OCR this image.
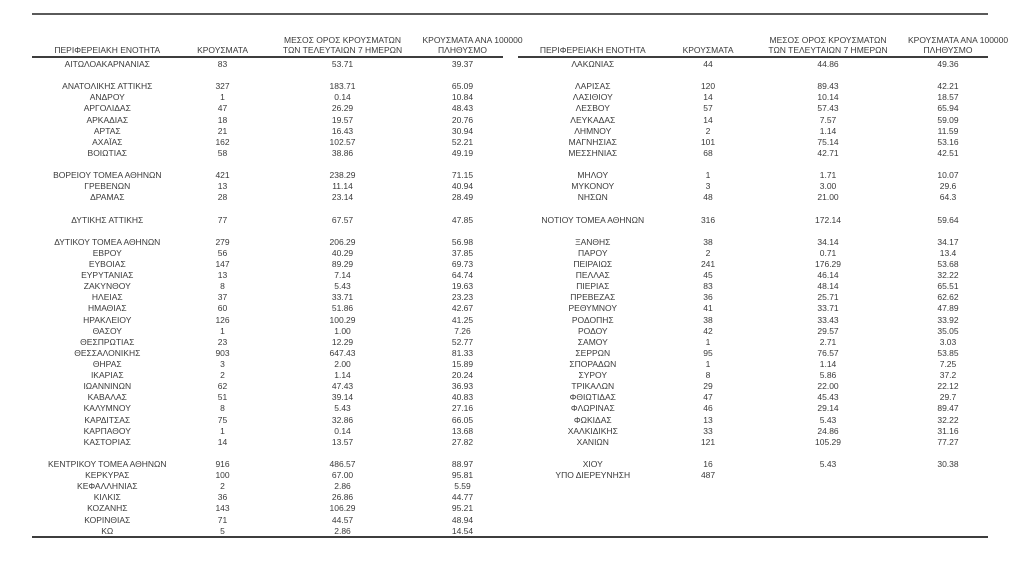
ΠΕΡΙΦΕΡΕΙΑΚΗ ΕΝΟΤΗΤΑ	ΚΡΟΥΣΜΑΤΑ
ΜΕΣΟΣ ΟΡΟΣ ΚΡΟΥΣΜΑΤΩΝ
ΤΩΝ ΤΕΛΕΥΤΑΙΩΝ 7 ΗΜΕΡΩΝ
ΚΡΟΥΣΜΑΤΑ ΑΝΑ 100000
ΠΛΗΘΥΣΜΟ
ΑΙΤΩΛΟΑΚΑΡΝΑΝΙΑΣ	83	53.71	39.37
ΑΝΑΤΟΛΙΚΗΣ ΑΤΤΙΚΗΣ	327	183.71	65.09
ΑΝΔΡΟΥ	1	0.14	10.84
ΑΡΓΟΛΙΔΑΣ	47	26.29	48.43
ΑΡΚΑΔΙΑΣ	18	19.57	20.76
ΑΡΤΑΣ	21	16.43	30.94
ΑΧΑΪΑΣ	162	102.57	52.21
ΒΟΙΩΤΙΑΣ	58	38.86	49.19
ΒΟΡΕΙΟΥ ΤΟΜΕΑ ΑΘΗΝΩΝ	421	238.29	71.15
ΓΡΕΒΕΝΩΝ	13	11.14	40.94
ΔΡΑΜΑΣ	28	23.14	28.49
ΔΥΤΙΚΗΣ ΑΤΤΙΚΗΣ	77	67.57	47.85
ΔΥΤΙΚΟΥ ΤΟΜΕΑ ΑΘΗΝΩΝ	279	206.29	56.98
ΕΒΡΟΥ	56	40.29	37.85
ΕΥΒΟΙΑΣ	147	89.29	69.73
ΕΥΡΥΤΑΝΙΑΣ	13	7.14	64.74
ΖΑΚΥΝΘΟΥ	8	5.43	19.63
ΗΛΕΙΑΣ	37	33.71	23.23
ΗΜΑΘΙΑΣ	60	51.86	42.67
ΗΡΑΚΛΕΙΟΥ	126	100.29	41.25
ΘΑΣΟΥ	1	1.00	7.26
ΘΕΣΠΡΩΤΙΑΣ	23	12.29	52.77
ΘΕΣΣΑΛΟΝΙΚΗΣ	903	647.43	81.33
ΘΗΡΑΣ	3	2.00	15.89
ΙΚΑΡΙΑΣ	2	1.14	20.24
ΙΩΑΝΝΙΝΩΝ	62	47.43	36.93
ΚΑΒΑΛΑΣ	51	39.14	40.83
ΚΑΛΥΜΝΟΥ	8	5.43	27.16
ΚΑΡΔΙΤΣΑΣ	75	32.86	66.05
ΚΑΡΠΑΘΟΥ	1	0.14	13.68
ΚΑΣΤΟΡΙΑΣ	14	13.57	27.82
ΚΕΝΤΡΙΚΟΥ ΤΟΜΕΑ ΑΘΗΝΩΝ	916	486.57	88.97
ΚΕΡΚΥΡΑΣ	100	67.00	95.81
ΚΕΦΑΛΛΗΝΙΑΣ	2	2.86	5.59
ΚΙΛΚΙΣ	36	26.86	44.77
ΚΟΖΑΝΗΣ	143	106.29	95.21
ΚΟΡΙΝΘΙΑΣ	71	44.57	48.94
ΚΩ	5	2.86	14.54
ΠΕΡΙΦΕΡΕΙΑΚΗ ΕΝΟΤΗΤΑ	ΚΡΟΥΣΜΑΤΑ
ΜΕΣΟΣ ΟΡΟΣ ΚΡΟΥΣΜΑΤΩΝ
ΤΩΝ ΤΕΛΕΥΤΑΙΩΝ 7 ΗΜΕΡΩΝ
ΚΡΟΥΣΜΑΤΑ ΑΝΑ 100000
ΠΛΗΘΥΣΜΟ
ΛΑΚΩΝΙΑΣ	44	44.86	49.36
ΛΑΡΙΣΑΣ	120	89.43	42.21
ΛΑΣΙΘΙΟΥ	14	10.14	18.57
ΛΕΣΒΟΥ	57	57.43	65.94
ΛΕΥΚΑΔΑΣ	14	7.57	59.09
ΛΗΜΝΟΥ	2	1.14	11.59
ΜΑΓΝΗΣΙΑΣ	101	75.14	53.16
ΜΕΣΣΗΝΙΑΣ	68	42.71	42.51
ΜΗΛΟΥ	1	1.71	10.07
ΜΥΚΟΝΟΥ	3	3.00	29.6
ΝΗΣΩΝ	48	21.00	64.3
ΝΟΤΙΟΥ ΤΟΜΕΑ ΑΘΗΝΩΝ	316	172.14	59.64
ΞΑΝΘΗΣ	38	34.14	34.17
ΠΑΡΟΥ	2	0.71	13.4
ΠΕΙΡΑΙΩΣ	241	176.29	53.68
ΠΕΛΛΑΣ	45	46.14	32.22
ΠΙΕΡΙΑΣ	83	48.14	65.51
ΠΡΕΒΕΖΑΣ	36	25.71	62.62
ΡΕΘΥΜΝΟΥ	41	33.71	47.89
ΡΟΔΟΠΗΣ	38	33.43	33.92
ΡΟΔΟΥ	42	29.57	35.05
ΣΑΜΟΥ	1	2.71	3.03
ΣΕΡΡΩΝ	95	76.57	53.85
ΣΠΟΡΑΔΩΝ	1	1.14	7.25
ΣΥΡΟΥ	8	5.86	37.2
ΤΡΙΚΑΛΩΝ	29	22.00	22.12
ΦΘΙΩΤΙΔΑΣ	47	45.43	29.7
ΦΛΩΡΙΝΑΣ	46	29.14	89.47
ΦΩΚΙΔΑΣ	13	5.43	32.22
ΧΑΛΚΙΔΙΚΗΣ	33	24.86	31.16
ΧΑΝΙΩΝ	121	105.29	77.27
ΧΙΟΥ	16	5.43	30.38
ΥΠΟ ΔΙΕΡΕΥΝΗΣΗ	487
